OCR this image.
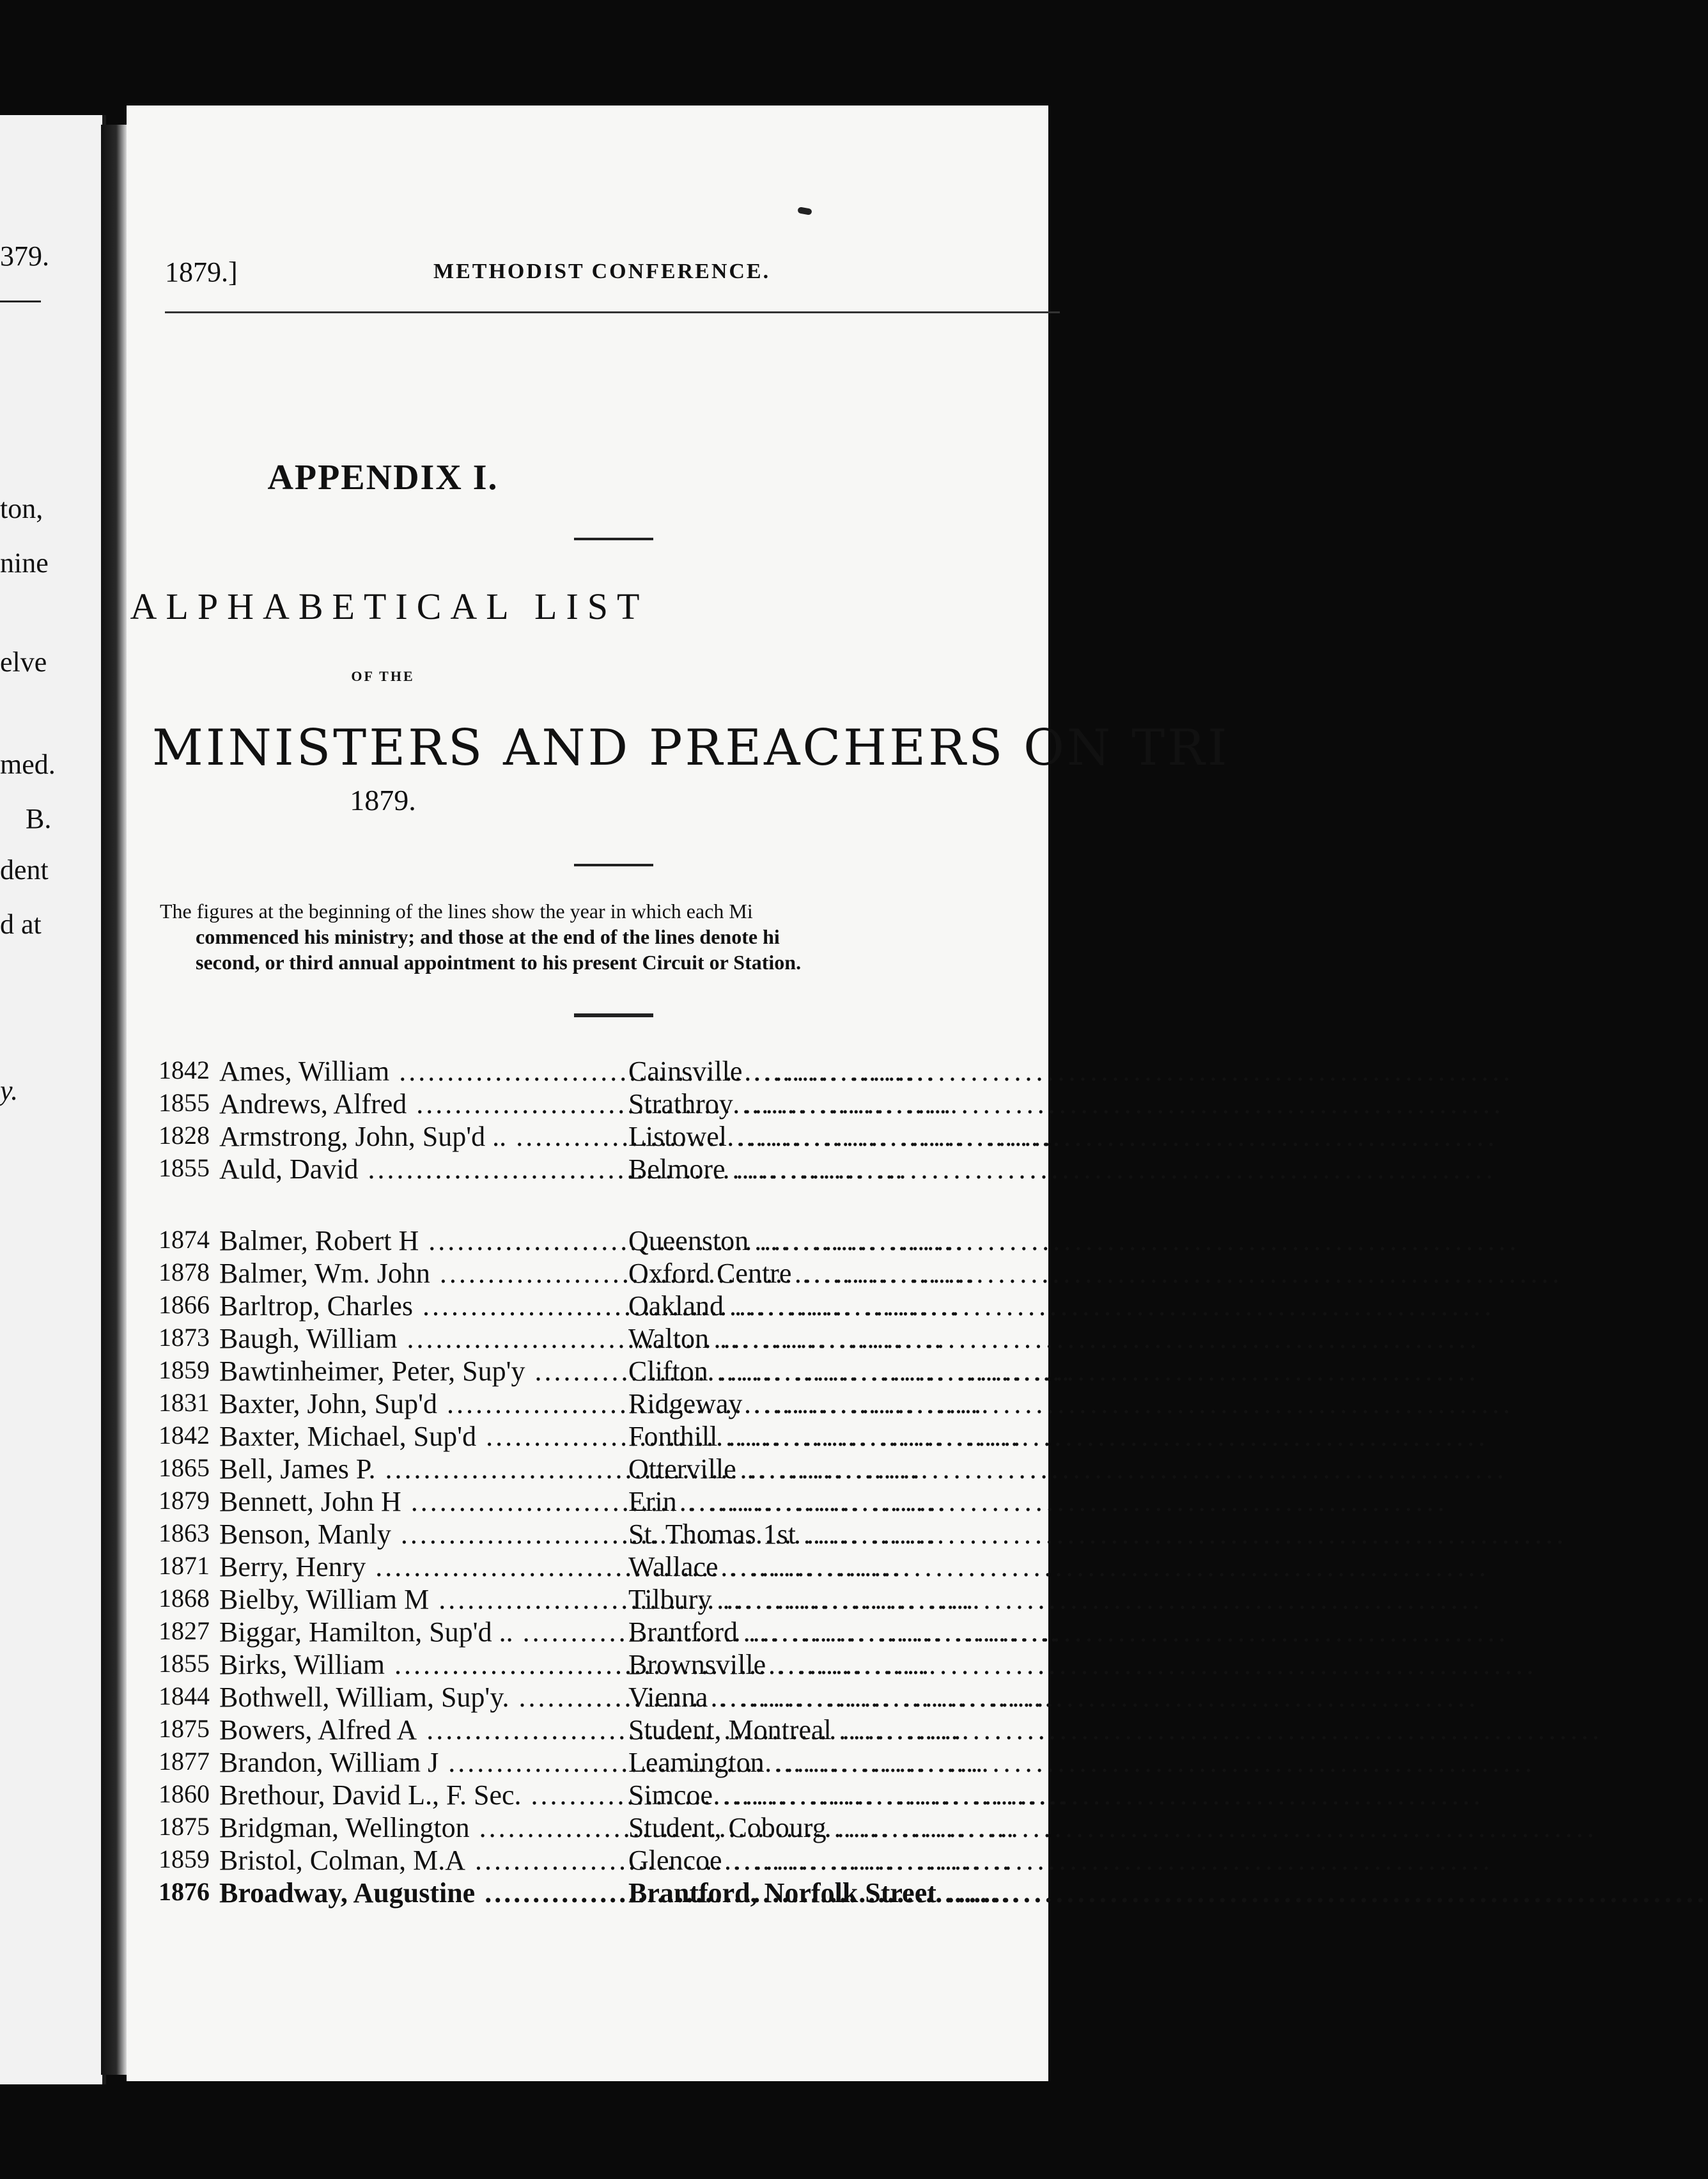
379.
ton,
nine
elve
med.
B.
dent
d at
y.
1879.]	METHODIST CONFERENCE.
APPENDIX I.
ALPHABETICAL LIST
OF THE
MINISTERS AND PREACHERS ON TRI
1879.
The figures at the beginning of the lines show the year in which each Mi
commenced his ministry; and those at the end of the lines denote hi
second, or third annual appointment to his present Circuit or Station.
1842 Ames, William .....	Cainsville .....
1855 Andrews, Alfred .....	Strathroy .....
1828 Armstrong, John, Sup'd .. .....	Listowel .....
1855 Auld, David .....	Belmore .....
1874 Balmer, Robert H .....	Queenston .....
1878 Balmer, Wm. John .....	Oxford Centre .....
1866 Barltrop, Charles .....	Oakland .....
1873 Baugh, William .....	Walton .....
1859 Bawtinheimer, Peter, Sup'y .....	Clifton .....
1831 Baxter, John, Sup'd .....	Ridgeway .....
1842 Baxter, Michael, Sup'd .....	Fonthill .....
1865 Bell, James P. .....	Otterville .....
1879 Bennett, John H .....	Erin .....
1863 Benson, Manly .....	St. Thomas 1st .....
1871 Berry, Henry .....	Wallace .....
1868 Bielby, William M .....	Tilbury .....
1827 Biggar, Hamilton, Sup'd .. .....	Brantford .....
1855 Birks, William .....	Brownsville .....
1844 Bothwell, William, Sup'y. .....	Vienna .....
1875 Bowers, Alfred A .....	Student, Montreal .....
1877 Brandon, William J .....	Leamington .....
1860 Brethour, David L., F. Sec. .....	Simcoe .....
1875 Bridgman, Wellington .....	Student, Cobourg .....
1859 Bristol, Colman, M.A .....	Glencoe .....
1876 Broadway, Augustine .....	Brantford, Norfolk Street .....
